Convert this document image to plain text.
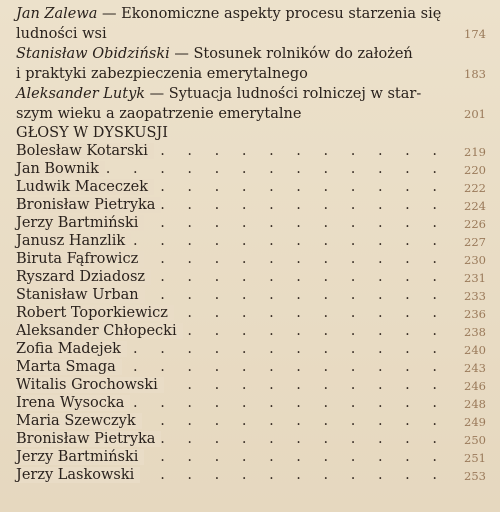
Jan Zalewa — Ekonomiczne aspekty procesu starzenia się
ludności wsi	174
Stanisław Obidziński — Stosunek rolników do założeń
i praktyki zabezpieczenia emerytalnego	183
Aleksander Lutyk — Sytuacja ludności rolniczej w star-
szym wieku a zaopatrzenie emerytalne	201
GŁOSY W DYSKUSJI
. . .
Bolesław Kotarski	219
. . .
Jan Bownik	220
. . .
Ludwik Maceczek	222
. . .
Bronisław Pietryka	224
. . .
Jerzy Bartmiński	226
. . .
Janusz Hanzlik	227
. . .
Biruta Fąfrowicz	230
. . .
Ryszard Dziadosz	231
. . .
Stanisław Urban	233
. . .
Robert Toporkiewicz	236
. . .
Aleksander Chłopecki	238
. . .
Zofia Madejek	240
. . .
Marta Smaga	243
. . .
Witalis Grochowski	246
. . .
Irena Wysocka	248
. . .
Maria Szewczyk	249
. . .
Bronisław Pietryka	250
. . .
Jerzy Bartmiński	251
. . .
Jerzy Laskowski	253
